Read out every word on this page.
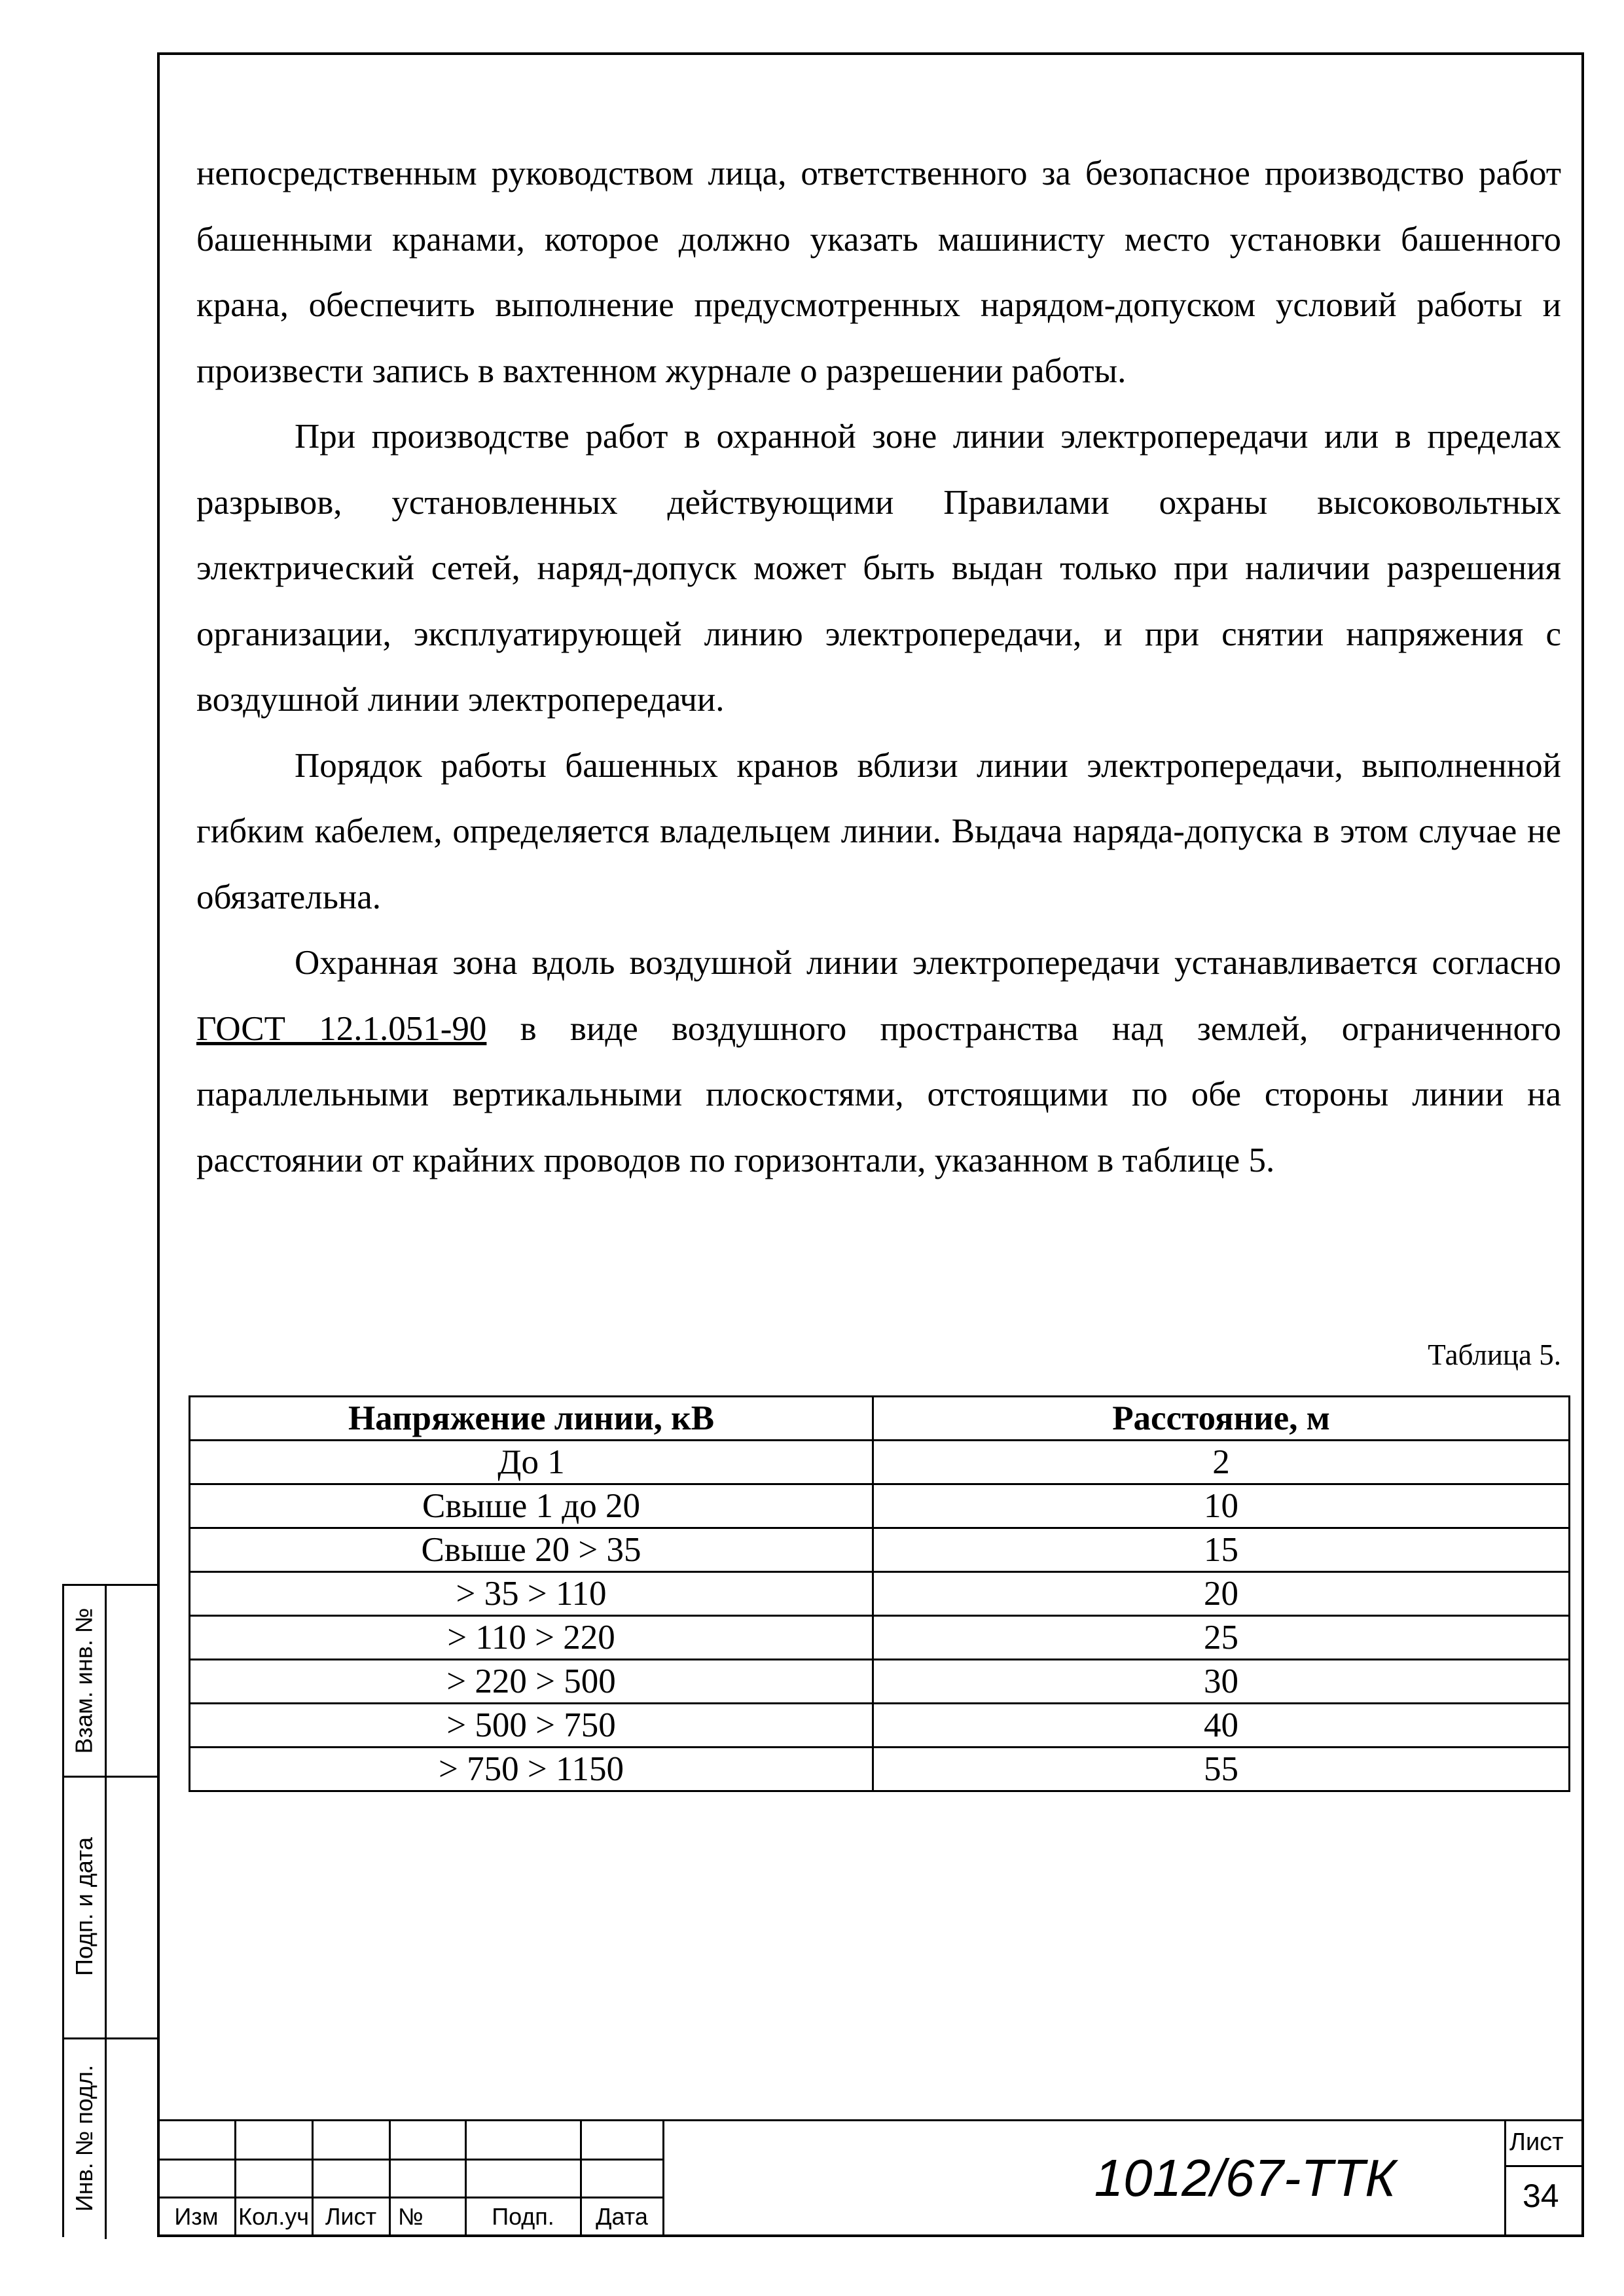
непосредственным руководством лица, ответственного за безопасное производство работ башенными кранами, которое должно указать машинисту место установки башенного крана, обеспечить выполнение предусмотренных нарядом-допуском условий работы и произвести запись в вахтенном журнале о разрешении работы.

При производстве работ в охранной зоне линии электропередачи или в пределах разрывов, установленных действующими Правилами охраны высоковольтных электрический сетей, наряд-допуск может быть выдан только при наличии разрешения организации, эксплуатирующей линию электропередачи, и при снятии напряжения с воздушной линии электропередачи.

Порядок работы башенных кранов вблизи линии электропередачи, выполненной гибким кабелем, определяется владельцем линии. Выдача наряда-допуска в этом случае не обязательна.

Охранная зона вдоль воздушной линии электропередачи устанавливается согласно ГОСТ 12.1.051-90 в виде воздушного пространства над землей, ограниченного параллельными вертикальными плоскостями, отстоящими по обе стороны линии на расстоянии от крайних проводов по горизонтали, указанном в таблице 5.

Таблица 5.
Напряжение линии, кВ	Расстояние, м
До 1	2
Свыше 1 до 20	10
Свыше 20 > 35	15
> 35 > 110	20
> 110 > 220	25
> 220 > 500	30
> 500 > 750	40
> 750 > 1150	55
Взам. инв. №
Подп. и дата
Инв. № подл.
Изм Кол.уч Лист №	Подп.	Дата
1012/67-ТТК
Лист
34
